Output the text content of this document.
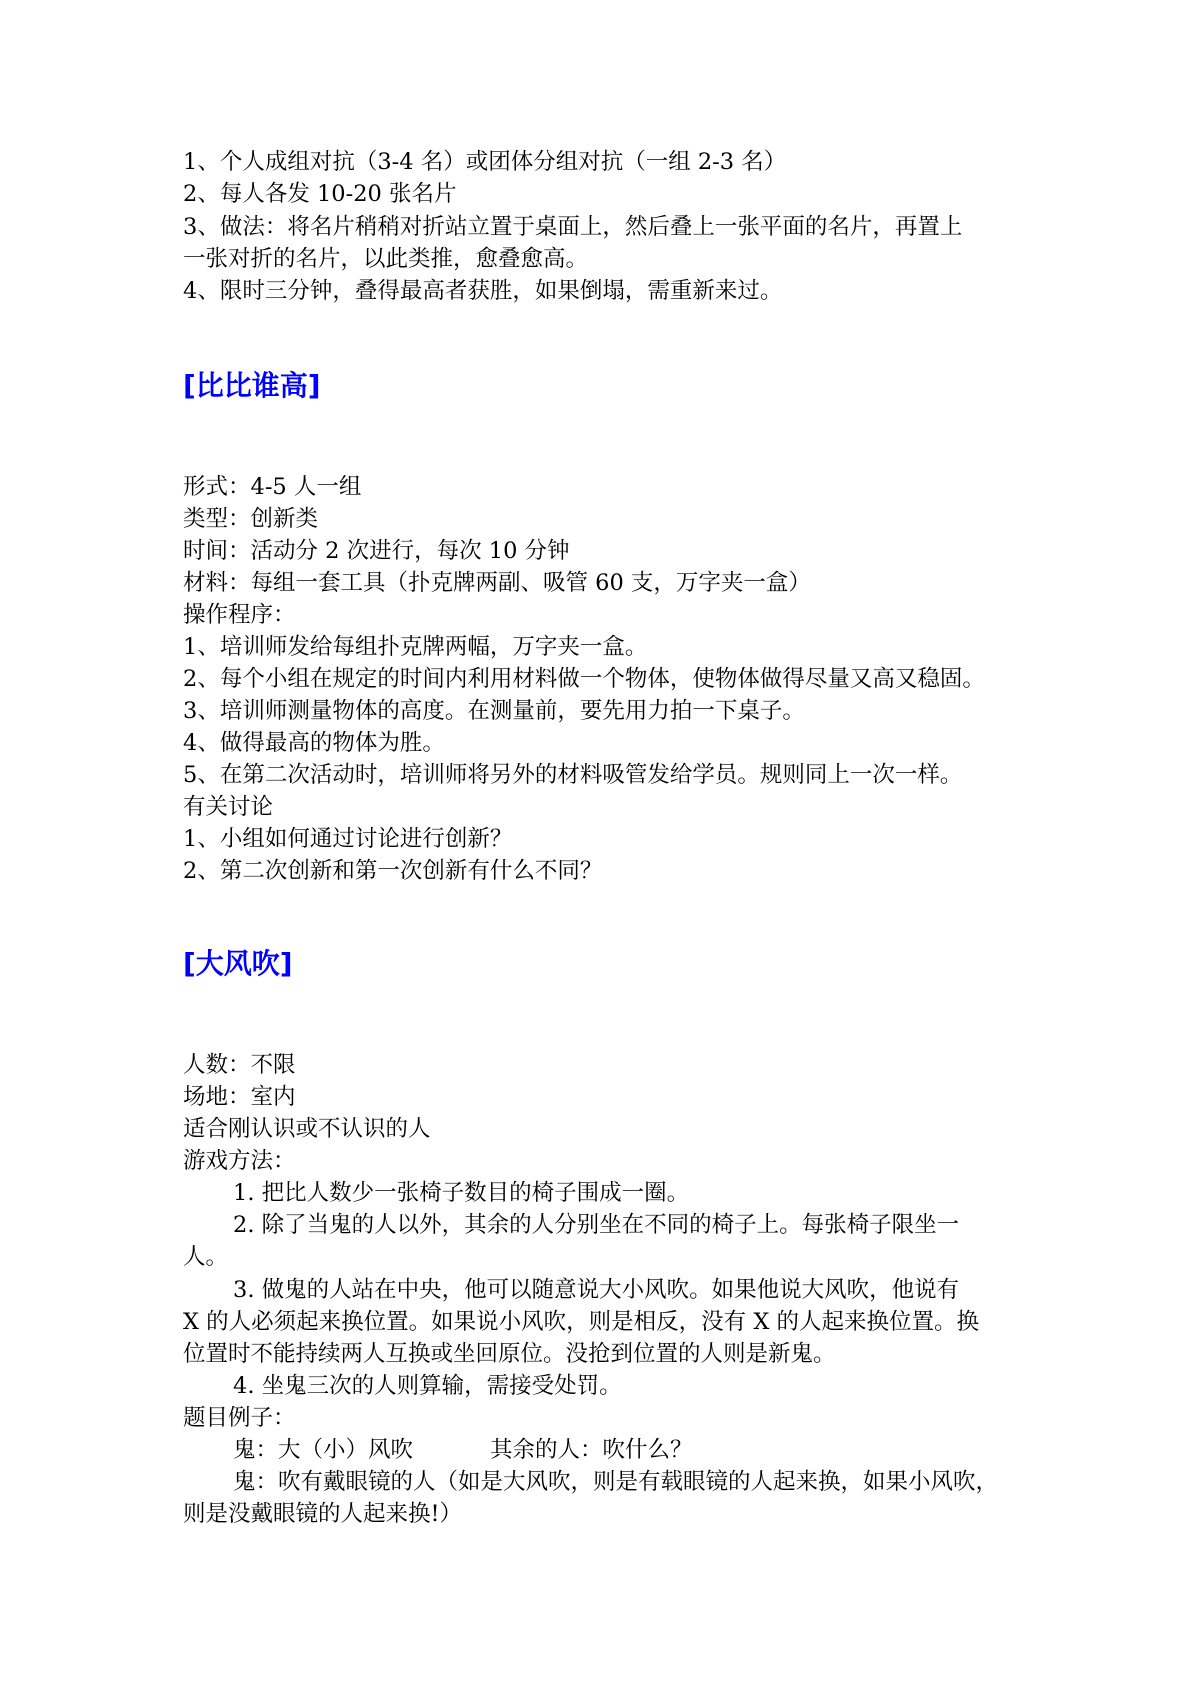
1、个人成组对抗（3-4 名）或团体分组对抗（一组 2-3 名）
2、每人各发 10-20 张名片
3、做法：将名片稍稍对折站立置于桌面上，然后叠上一张平面的名片，再置上
一张对折的名片，以此类推，愈叠愈高。
4、限时三分钟，叠得最高者获胜，如果倒塌，需重新来过。
[比比谁高]
形式：4-5 人一组
类型：创新类
时间：活动分 2 次进行，每次 10 分钟
材料：每组一套工具（扑克牌两副、吸管 60 支，万字夹一盒）
操作程序：
1、培训师发给每组扑克牌两幅，万字夹一盒。
2、每个小组在规定的时间内利用材料做一个物体，使物体做得尽量又高又稳固。
3、培训师测量物体的高度。在测量前，要先用力拍一下桌子。
4、做得最高的物体为胜。
5、在第二次活动时，培训师将另外的材料吸管发给学员。规则同上一次一样。
有关讨论
1、小组如何通过讨论进行创新？
2、第二次创新和第一次创新有什么不同？
[大风吹]
人数：不限
场地：室内
适合刚认识或不认识的人
游戏方法：
1. 把比人数少一张椅子数目的椅子围成一圈。
2. 除了当鬼的人以外，其余的人分别坐在不同的椅子上。每张椅子限坐一
人。
3. 做鬼的人站在中央，他可以随意说大小风吹。如果他说大风吹，他说有
X 的人必须起来换位置。如果说小风吹，则是相反，没有 X 的人起来换位置。换
位置时不能持续两人互换或坐回原位。没抢到位置的人则是新鬼。
4. 坐鬼三次的人则算输，需接受处罚。
题目例子：
鬼：大（小）风吹	其余的人：吹什么？
鬼：吹有戴眼镜的人（如是大风吹，则是有载眼镜的人起来换，如果小风吹，
则是没戴眼镜的人起来换!）
